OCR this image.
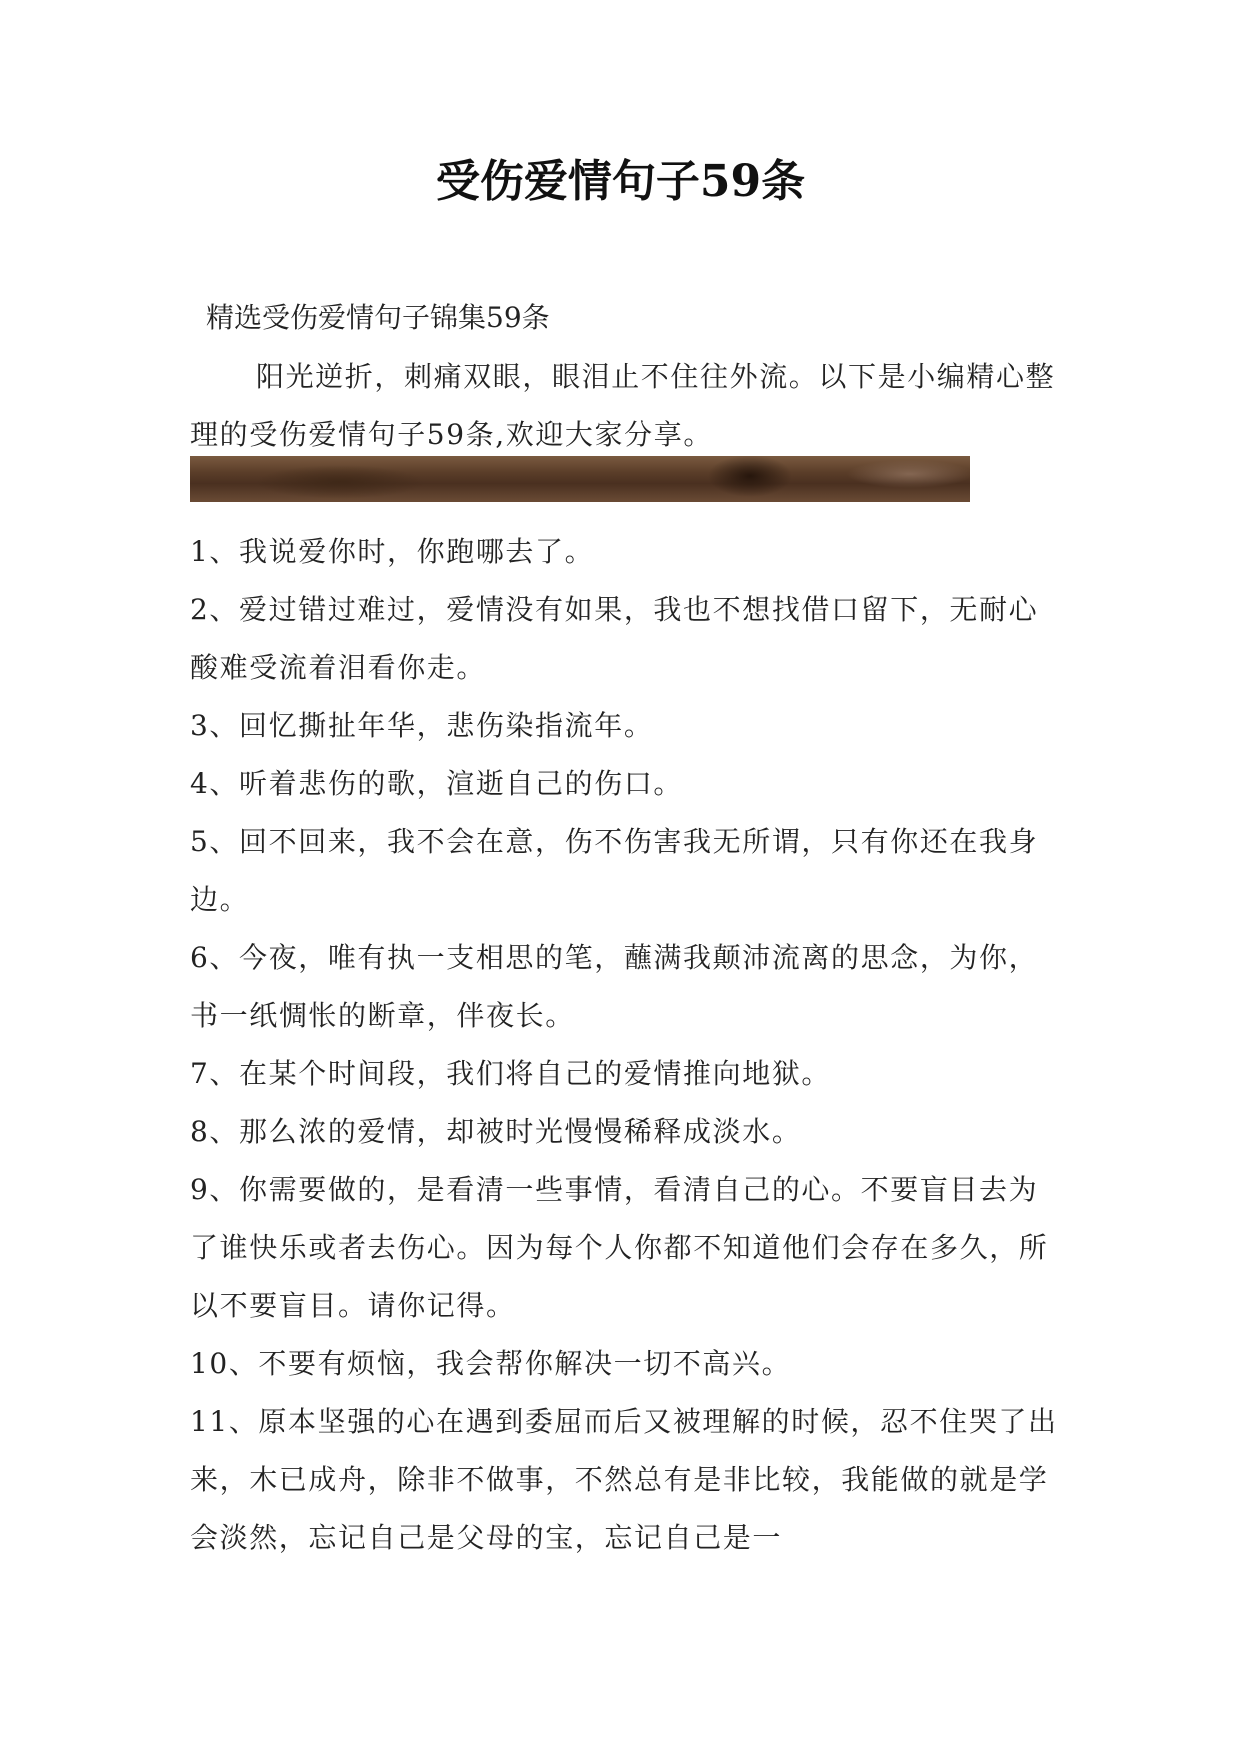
受伤爱情句子59条
精选受伤爱情句子锦集59条

阳光逆折，刺痛双眼，眼泪止不住往外流。以下是小编精心整理的受伤爱情句子59条,欢迎大家分享。

1、我说爱你时，你跑哪去了。
2、爱过错过难过，爱情没有如果，我也不想找借口留下，无耐心酸难受流着泪看你走。
3、回忆撕扯年华，悲伤染指流年。
4、听着悲伤的歌，渲逝自己的伤口。
5、回不回来，我不会在意，伤不伤害我无所谓，只有你还在我身边。
6、今夜，唯有执一支相思的笔，蘸满我颠沛流离的思念，为你，书一纸惆怅的断章，伴夜长。
7、在某个时间段，我们将自己的爱情推向地狱。
8、那么浓的爱情，却被时光慢慢稀释成淡水。
9、你需要做的，是看清一些事情，看清自己的心。不要盲目去为了谁快乐或者去伤心。因为每个人你都不知道他们会存在多久，所以不要盲目。请你记得。
10、不要有烦恼，我会帮你解决一切不高兴。
11、原本坚强的心在遇到委屈而后又被理解的时候，忍不住哭了出来，木已成舟，除非不做事，不然总有是非比较，我能做的就是学会淡然，忘记自己是父母的宝，忘记自己是一
